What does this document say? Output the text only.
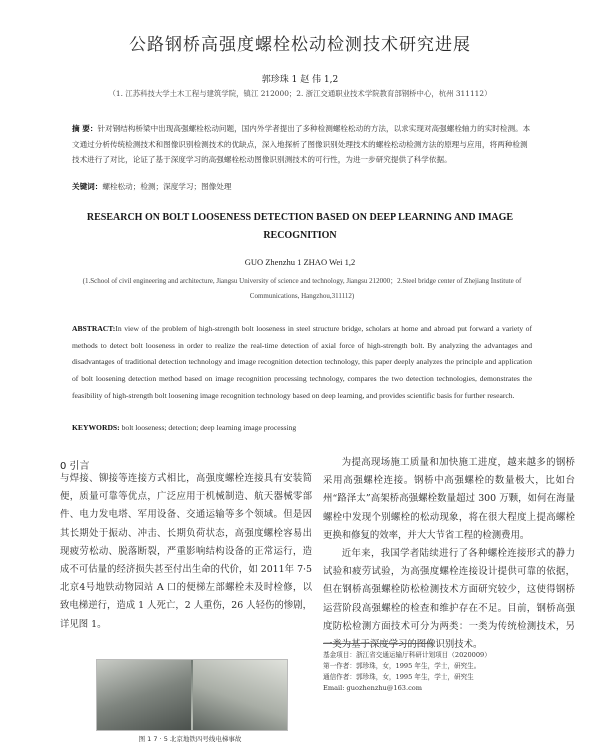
公路钢桥高强度螺栓松动检测技术研究进展
郭珍珠 1 赵 伟 1,2
（1. 江苏科技大学土木工程与建筑学院，镇江 212000；2. 浙江交通职业技术学院教育部钢桥中心，杭州 311112）
摘 要：针对钢结构桥梁中出现高强螺栓松动问题，国内外学者提出了多种检测螺栓松动的方法，以求实现对高强螺栓轴力的实时检测。本文通过分析传统检测技术和图像识别检测技术的优缺点，深入地探析了图像识别处理技术的螺栓松动检测方法的原理与应用，将两种检测技术进行了对比，论证了基于深度学习的高强螺栓松动图像识别测技术的可行性，为进一步研究提供了科学依据。
关键词：螺栓松动；检测；深度学习；图像处理
RESEARCH ON BOLT LOOSENESS DETECTION BASED ON DEEP LEARNING AND IMAGE RECOGNITION
GUO Zhenzhu 1 ZHAO Wei 1,2
(1.School of civil engineering and architecture, Jiangsu University of science and technology, Jiangsu 212000；2.Steel bridge center of Zhejiang Institute of Communications, Hangzhou,311112)
ABSTRACT:In view of the problem of high-strength bolt looseness in steel structure bridge, scholars at home and abroad put forward a variety of methods to detect bolt looseness in order to realize the real-time detection of axial force of high-strength bolt. By analyzing the advantages and disadvantages of traditional detection technology and image recognition detection technology, this paper deeply analyzes the principle and application of bolt loosening detection method based on image recognition processing technology, compares the two detection technologies, demonstrates the feasibility of high-strength bolt loosening image recognition technology based on deep learning, and provides scientific basis for further research.
KEYWORDS: bolt looseness; detection; deep learning image processing
0 引言
与焊接、铆接等连接方式相比，高强度螺栓连接具有安装简便，质量可靠等优点，广泛应用于机械制造、航天器械零部件、电力发电塔、军用设备、交通运输等多个领域。但是因其长期处于振动、冲击、长期负荷状态，高强度螺栓容易出现疲劳松动、脱落断裂，严重影响结构设备的正常运行，造成不可估量的经济损失甚至付出生命的代价，如 2011年 7·5 北京4号地铁动物园站 A 口的便梯左部螺栓未及时检修，以致电梯逆行，造成 1 人死亡，2 人重伤，26 人轻伤的惨剧，详见图 1。
图 1 7 · 5 北京地铁四号线电梯事故
为提高现场施工质量和加快施工进度，越来越多的钢桥采用高强螺栓连接。钢桥中高强螺栓的数量极大，比如台州“路泽太”高架桥高强螺栓数量超过 300 万颗，如何在海量螺栓中发现个别螺栓的松动现象，将在很大程度上提高螺栓更换和修复的效率，并大大节省工程的检测费用。
近年来，我国学者陆续进行了各种螺栓连接形式的静力试验和疲劳试验，为高强度螺栓连接设计提供可靠的依据，但在钢桥高强螺栓防松检测技术方面研究较少，这使得钢桥运营阶段高强螺栓的检查和维护存在不足。目前，钢桥高强度防松检测方面技术可分为两类：一类为传统检测技术，另一类为基于深度学习的图像识别技术。
基金项目：浙江省交通运输厅科研计划项目（2020009）
第一作者：郭珍珠，女，1995 年生，学士，研究生。
通信作者：郭珍珠，女，1995 年生，学士，研究生
Email: guozhenzhu@163.com
